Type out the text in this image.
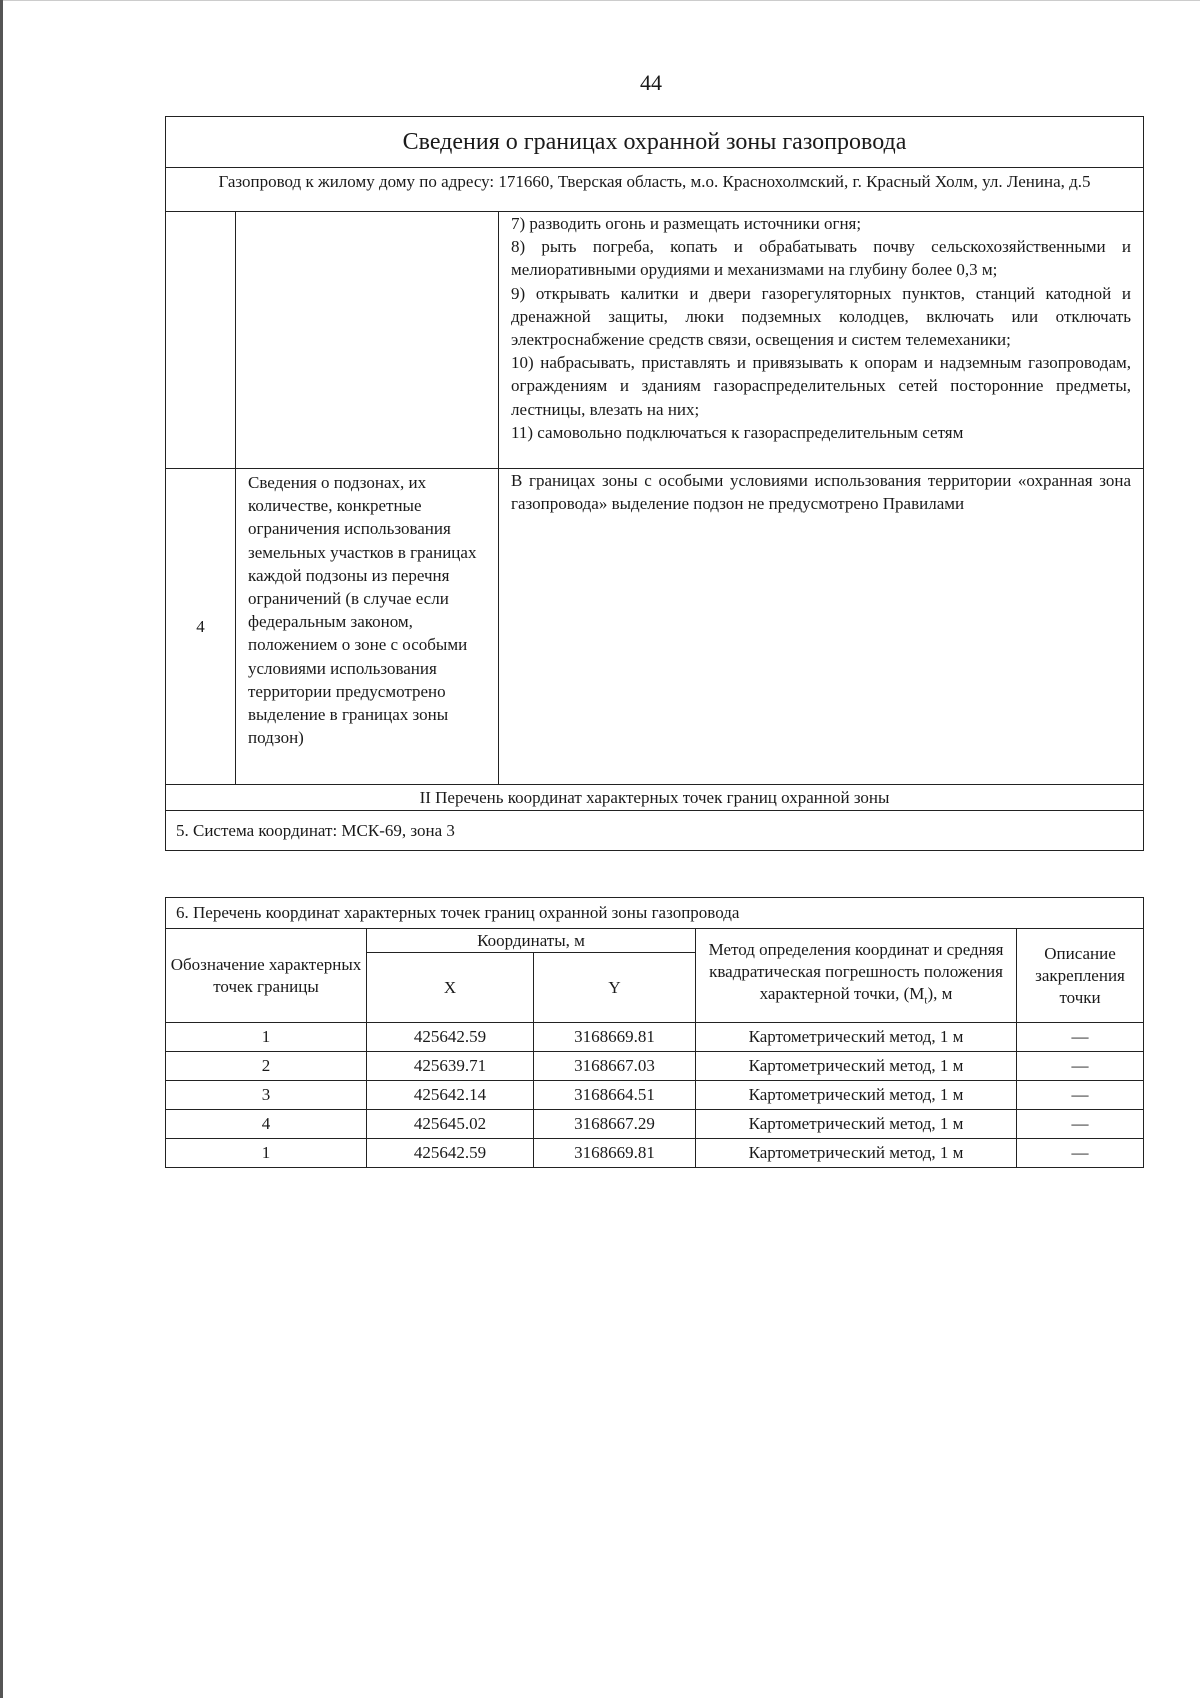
44
Сведения о границах охранной зоны газопровода		
Газопровод к жилому дому по адресу: 171660, Тверская область, м.о. Краснохолмский, г. Красный Холм, ул. Ленина, д.5		

		7) разводить огонь и размещать источники огня;

8) рыть погреба, копать и обрабатывать почву сельскохозяйственными и мелиоративными орудиями и механизмами на глубину более 0,3 м;

9) открывать калитки и двери газорегуляторных пунктов, станций катодной и дренажной защиты, люки подземных колодцев, включать или отключать электроснабжение средств связи, освещения и систем телемеханики;

10) набрасывать, приставлять и привязывать к опорам и надземным газопроводам, ограждениям и зданиям газораспределительных сетей посторонние предметы, лестницы, влезать на них;

11) самовольно подключаться к газораспределительным сетям

4	Сведения о подзонах, их количестве, конкретные ограничения использования земельных участков в границах каждой подзоны из перечня ограничений (в случае если федеральным законом, положением о зоне с особыми условиями использования территории предусмотрено выделение в границах зоны подзон)	В границах зоны с особыми условиями использования территории «охранная зона газопровода» выделение подзон не предусмотрено Правилами
II Перечень координат характерных точек границ охранной зоны		
5. Система координат: МСК-69, зона 3		
6. Перечень координат характерных точек границ охранной зоны газопровода				
Обозначение характерных точек границы	Координаты, м		Метод определения координат и средняя квадратическая погрешность положения характерной точки, $(M_t)$, м	Описание закрепления точки
	X	Y		
1	425642.59	3168669.81	Картометрический метод, 1 м	—
2	425639.71	3168667.03	Картометрический метод, 1 м	—
3	425642.14	3168664.51	Картометрический метод, 1 м	—
4	425645.02	3168667.29	Картометрический метод, 1 м	—
1	425642.59	3168669.81	Картометрический метод, 1 м	—
